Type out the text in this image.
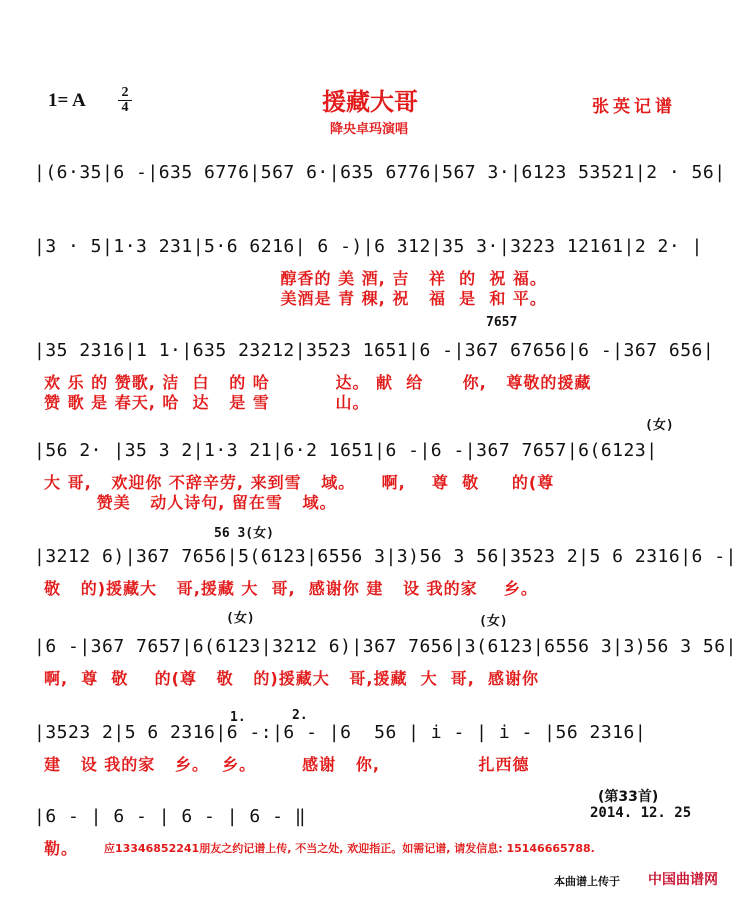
1= A $\frac{2}{4}$	援藏大哥
降央卓玛演唱
张英记谱
7657
(女)
56 3(女)
(女)	(女)
1.	2.
|(6·35|6 -|635 6776|567 6·|635 6776|567 3·|6123 53521|2 · 56|
|3 · 5|1·3 231|5·6 6216| 6 -)|6 312|35 3·|3223 12161|2 2· |
醇香的 美 酒, 吉   祥  的  祝 福。
美酒是 青 稞, 祝   福  是  和 平。
|35 2316|1 1·|635 23212|3523 1651|6 -|367 67656|6 -|367 656|
欢 乐 的 赞歌, 洁  白   的 哈          达。 献  给      你,   尊敬的援藏
赞 歌 是 春天, 哈  达   是 雪          山。
|56 2· |35 3 2|1·3 21|6·2 1651|6 -|6 -|367 7657|6(6123|
大 哥,   欢迎你 不辞辛劳, 来到雪   域。    啊,    尊  敬     的(尊
赞美   动人诗句, 留在雪   域。
|3212 6)|367 7656|5(6123|6556 3|3)56 3 56|3523 2|5 6 2316|6 -|
敬   的)援藏大   哥,援藏 大  哥,  感谢你 建   设 我的家    乡。
|6 -|367 7657|6(6123|3212 6)|367 7656|3(6123|6556 3|3)56 3 56|
啊,  尊  敬    的(尊   敬   的)援藏大   哥,援藏  大  哥,  感谢你
|3523 2|5 6 2316|6 -:|6 - |6  56 | i - | i - |56 2316|
建   设 我的家   乡。  乡。       感谢   你,               扎西德
|6 - | 6 - | 6 - | 6 - ‖
勒。
(第33首)
2014. 12. 25
应13346852241朋友之约记谱上传, 不当之处, 欢迎指正。如需记谱, 请发信息: 15146665788.
本曲谱上传于 中国曲谱网
